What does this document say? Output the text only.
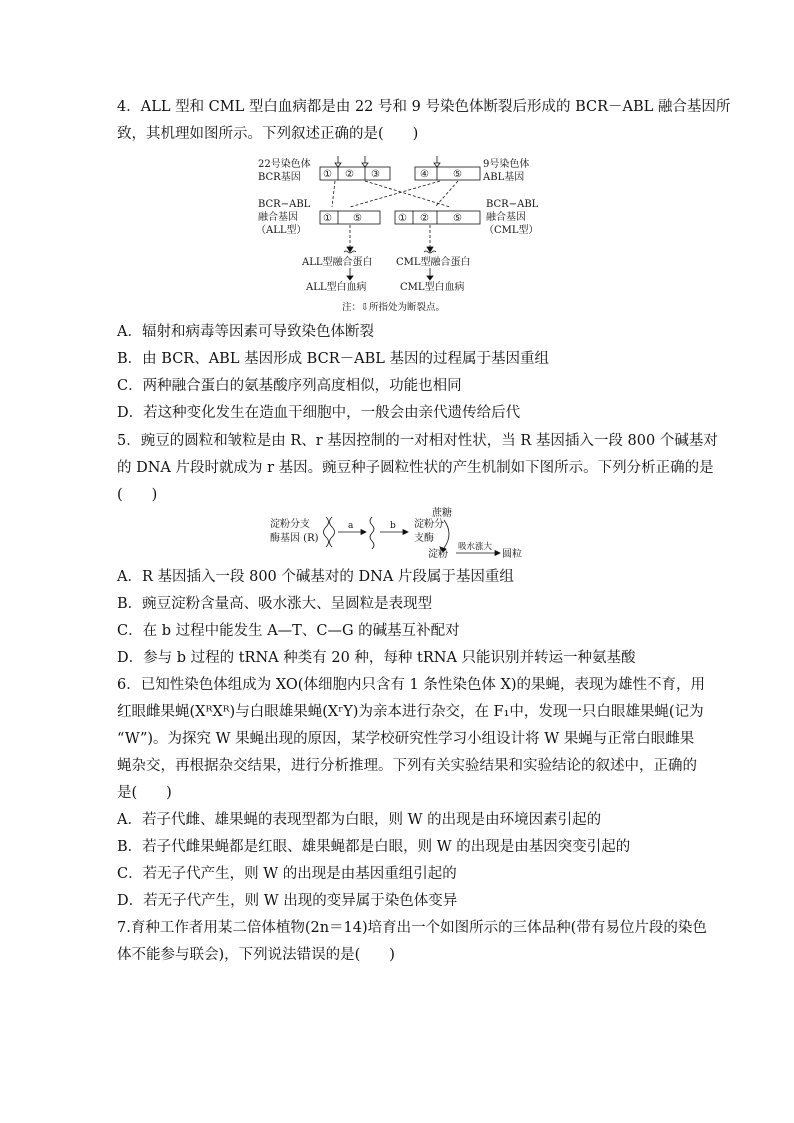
4．ALL 型和 CML 型白血病都是由 22 号和 9 号染色体断裂后形成的 BCR－ABL 融合基因所
致，其机理如图所示。下列叙述正确的是(　　)
22号染色体
BCR基因
9号染色体
ABL基因
① ② ③	④ ⑤
BCR−ABL
融合基因
（ALL型）
BCR−ABL
融合基因
（CML型）
① ⑤	① ② ⑤
ALL型融合蛋白 CML型融合蛋白
ALL型白血病	CML型白血病
注：⇩所指处为断裂点。
A．辐射和病毒等因素可导致染色体断裂
B．由 BCR、ABL 基因形成 BCR－ABL 基因的过程属于基因重组
C．两种融合蛋白的氨基酸序列高度相似，功能也相同
D．若这种变化发生在造血干细胞中，一般会由亲代遗传给后代
5．豌豆的圆粒和皱粒是由 R、r 基因控制的一对相对性状，当 R 基因插入一段 800 个碱基对
的 DNA 片段时就成为 r 基因。豌豆种子圆粒性状的产生机制如下图所示。下列分析正确的是
(　　)
淀粉分支
酶基因 (R)
a	b 淀粉分
支酶
蔗糖
淀粉
吸水涨大
圆粒
A．R 基因插入一段 800 个碱基对的 DNA 片段属于基因重组
B．豌豆淀粉含量高、吸水涨大、呈圆粒是表现型
C．在 b 过程中能发生 A—T、C—G 的碱基互补配对
D．参与 b 过程的 tRNA 种类有 20 种，每种 tRNA 只能识别并转运一种氨基酸
6．已知性染色体组成为 XO(体细胞内只含有 1 条性染色体 X)的果蝇，表现为雄性不育，用
红眼雌果蝇(XᴿXᴿ)与白眼雄果蝇(XʳY)为亲本进行杂交，在 F₁中，发现一只白眼雄果蝇(记为
“W”)。为探究 W 果蝇出现的原因，某学校研究性学习小组设计将 W 果蝇与正常白眼雌果
蝇杂交，再根据杂交结果，进行分析推理。下列有关实验结果和实验结论的叙述中，正确的
是(　　)
A．若子代雌、雄果蝇的表现型都为白眼，则 W 的出现是由环境因素引起的
B．若子代雌果蝇都是红眼、雄果蝇都是白眼，则 W 的出现是由基因突变引起的
C．若无子代产生，则 W 的出现是由基因重组引起的
D．若无子代产生，则 W 出现的变异属于染色体变异
7.育种工作者用某二倍体植物(2n＝14)培育出一个如图所示的三体品种(带有易位片段的染色
体不能参与联会)，下列说法错误的是(　　)
